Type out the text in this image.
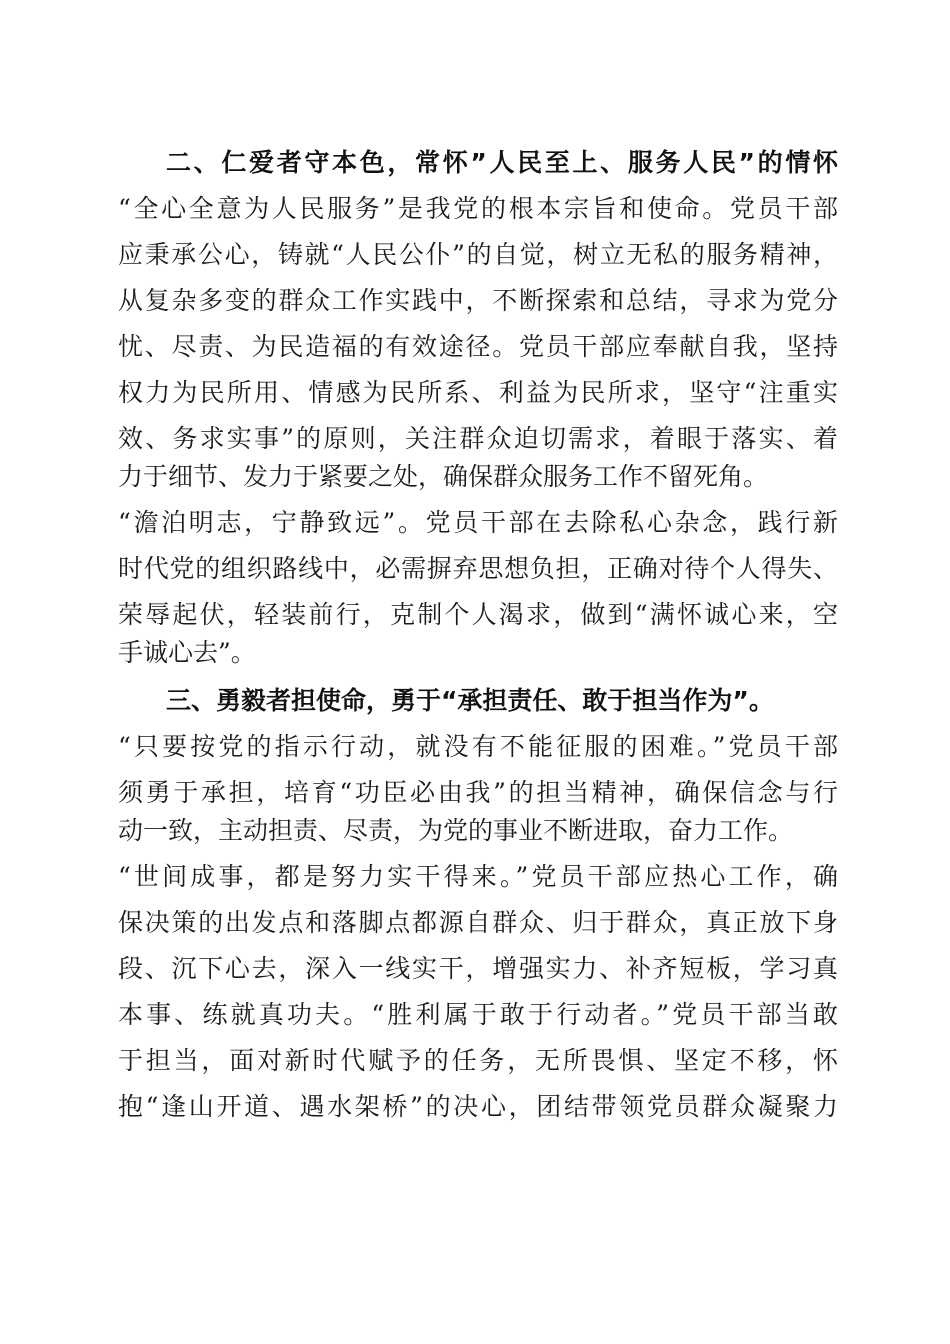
二、仁爱者守本色，常怀”人民至上、服务人民”的情怀
“全心全意为人民服务”是我党的根本宗旨和使命。党员干部
应秉承公心，铸就“人民公仆”的自觉，树立无私的服务精神，
从复杂多变的群众工作实践中，不断探索和总结，寻求为党分
忧、尽责、为民造福的有效途径。党员干部应奉献自我，坚持
权力为民所用、情感为民所系、利益为民所求，坚守“注重实
效、务求实事”的原则，关注群众迫切需求，着眼于落实、着
力于细节、发力于紧要之处，确保群众服务工作不留死角。
“澹泊明志，宁静致远”。党员干部在去除私心杂念，践行新
时代党的组织路线中，必需摒弃思想负担，正确对待个人得失、
荣辱起伏，轻装前行，克制个人渴求，做到“满怀诚心来，空
手诚心去”。
三、勇毅者担使命，勇于“承担责任、敢于担当作为”。
“只要按党的指示行动，就没有不能征服的困难。”党员干部
须勇于承担，培育“功臣必由我”的担当精神，确保信念与行
动一致，主动担责、尽责，为党的事业不断进取，奋力工作。
“世间成事，都是努力实干得来。”党员干部应热心工作，确
保决策的出发点和落脚点都源自群众、归于群众，真正放下身
段、沉下心去，深入一线实干，增强实力、补齐短板，学习真
本事、练就真功夫。“胜利属于敢于行动者。”党员干部当敢
于担当，面对新时代赋予的任务，无所畏惧、坚定不移，怀
抱“逢山开道、遇水架桥”的决心，团结带领党员群众凝聚力
